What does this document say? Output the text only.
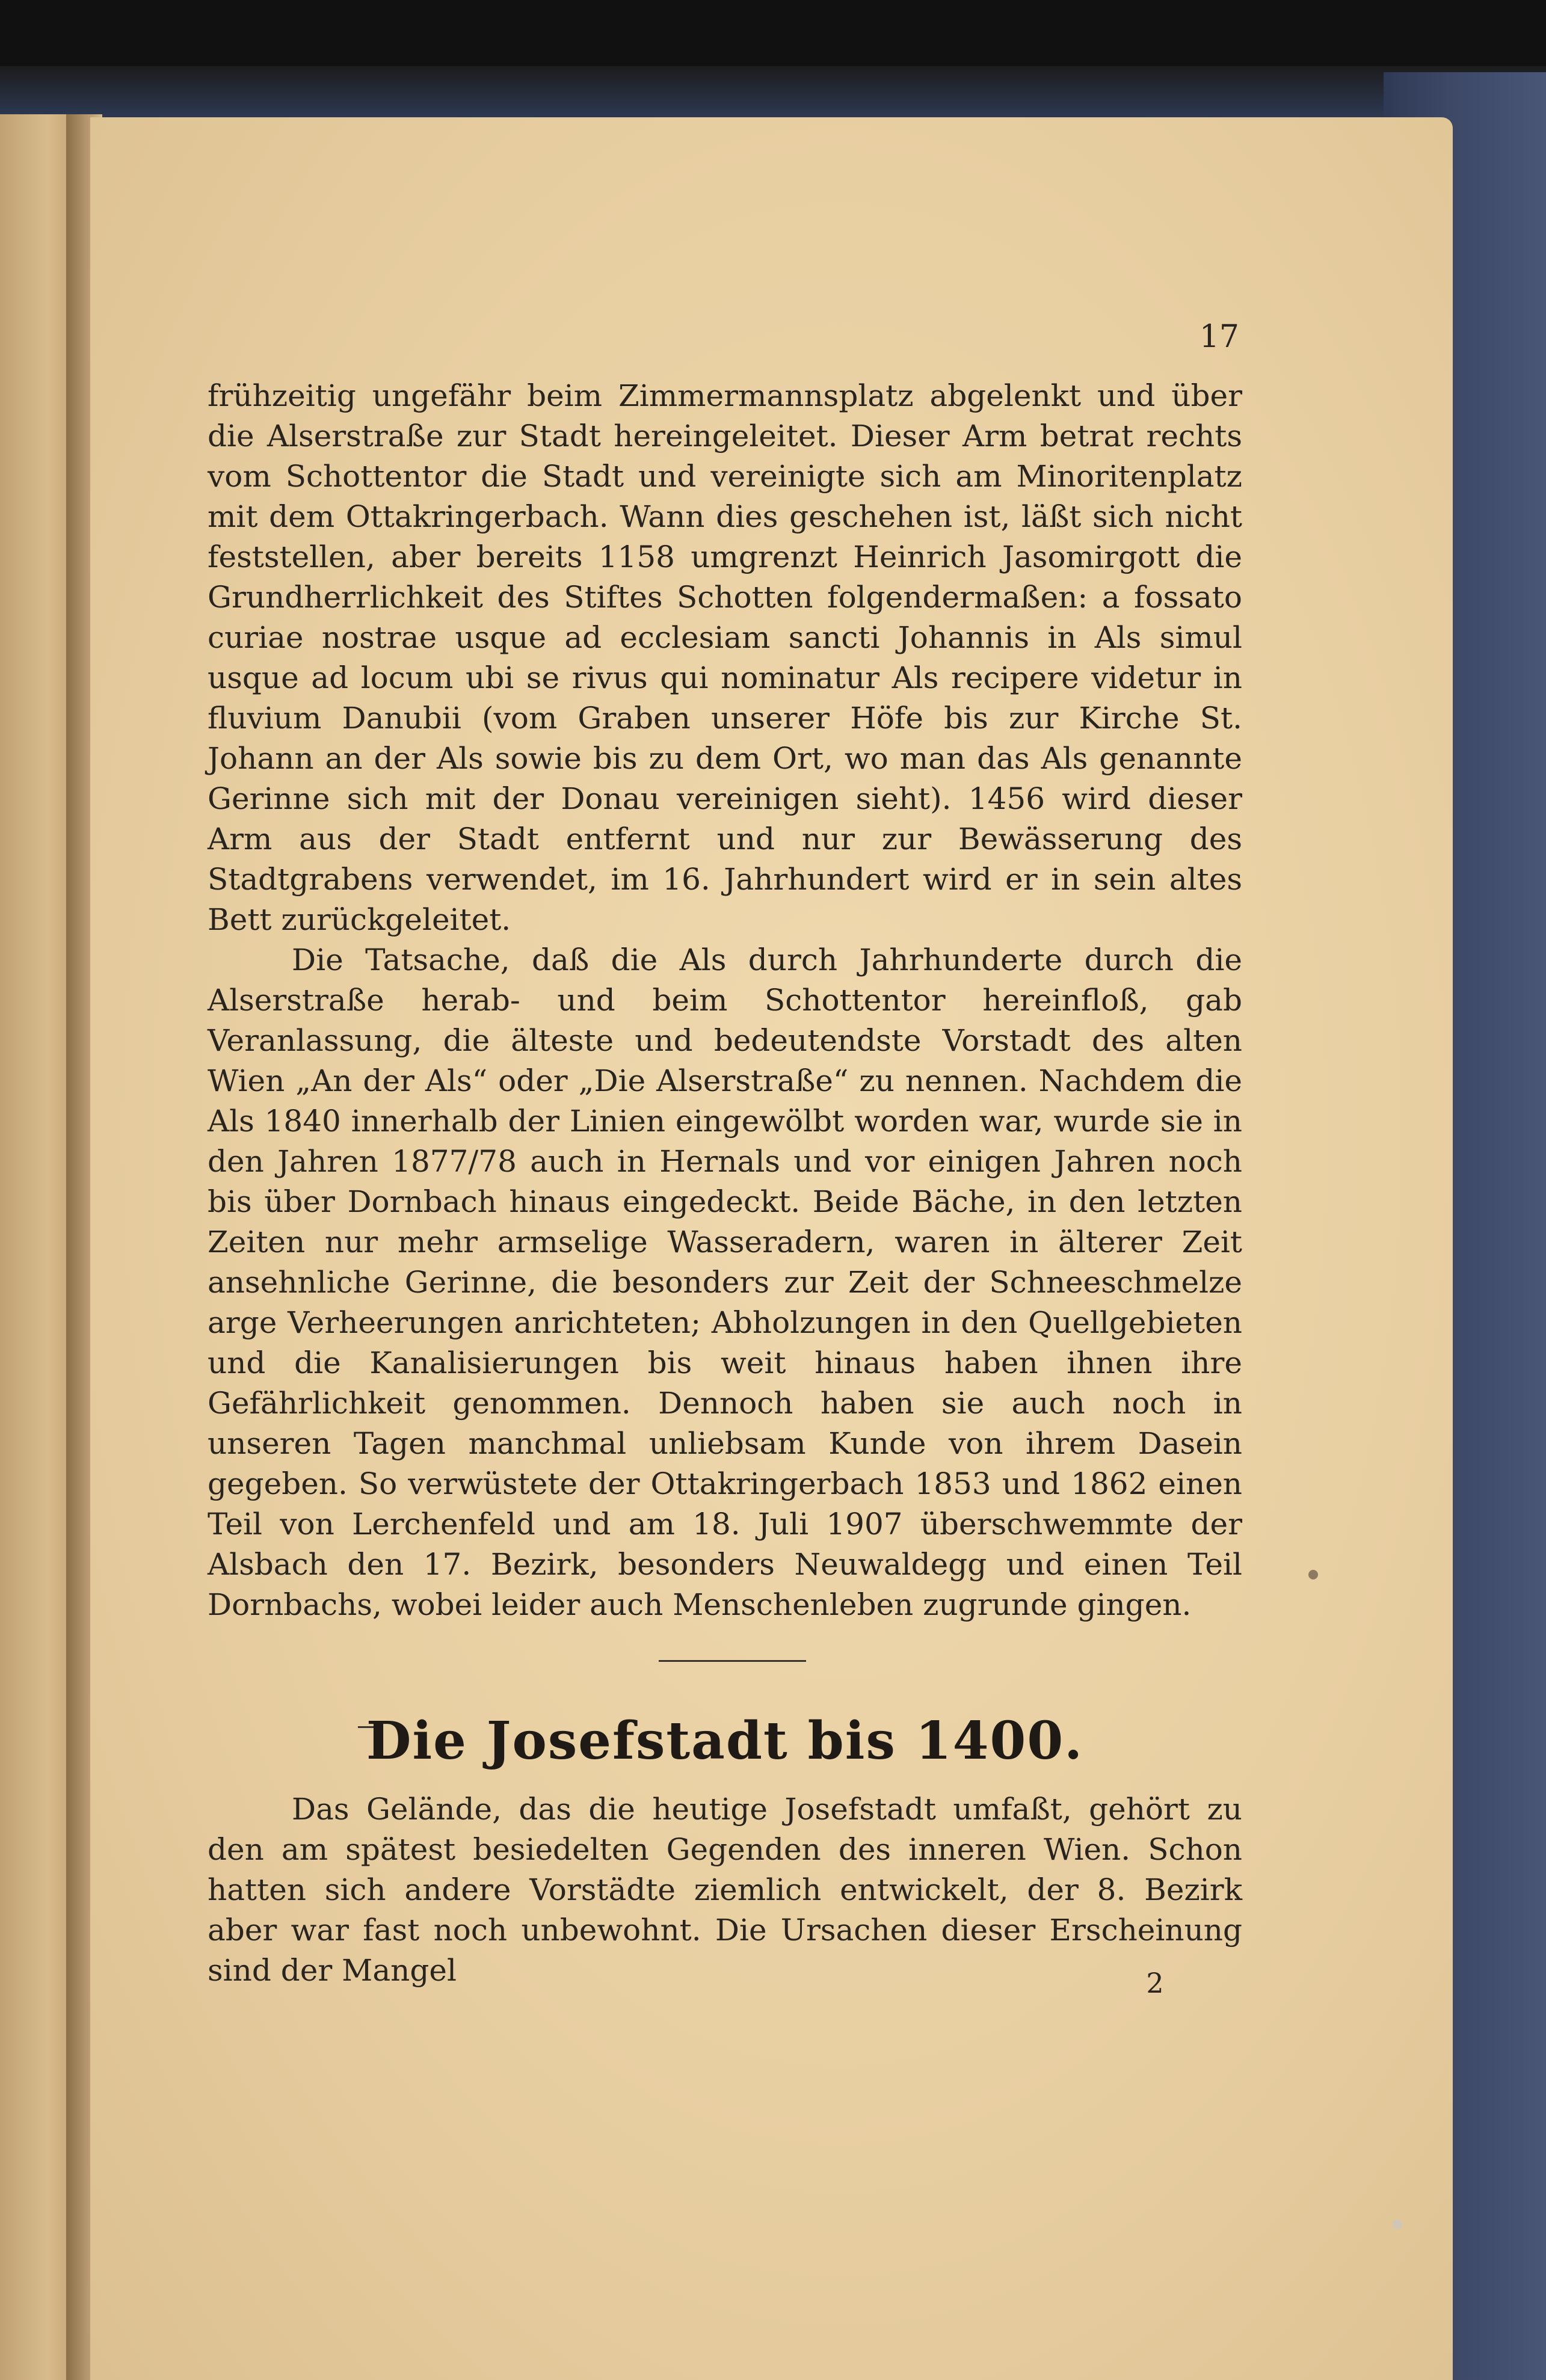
17

frühzeitig ungefähr beim Zimmermannsplatz abgelenkt und über die Alserstraße zur Stadt hereingeleitet. Dieser Arm betrat rechts vom Schottentor die Stadt und vereinigte sich am Minoritenplatz mit dem Ottakringerbach. Wann dies geschehen ist, läßt sich nicht feststellen, aber bereits 1158 umgrenzt Heinrich Jasomirgott die Grundherrlichkeit des Stiftes Schotten folgendermaßen: a fossato curiae nostrae usque ad ecclesiam sancti Johannis in Als simul usque ad locum ubi se rivus qui nominatur Als recipere videtur in fluvium Danubii (vom Graben unserer Höfe bis zur Kirche St. Johann an der Als sowie bis zu dem Ort, wo man das Als genannte Gerinne sich mit der Donau vereinigen sieht). 1456 wird dieser Arm aus der Stadt entfernt und nur zur Bewässerung des Stadtgrabens verwendet, im 16. Jahrhundert wird er in sein altes Bett zurückgeleitet.

Die Tatsache, daß die Als durch Jahrhunderte durch die Alserstraße herab- und beim Schottentor hereinfloß, gab Veranlassung, die älteste und bedeutendste Vorstadt des alten Wien „An der Als“ oder „Die Alserstraße“ zu nennen. Nachdem die Als 1840 innerhalb der Linien eingewölbt worden war, wurde sie in den Jahren 1877/78 auch in Hernals und vor einigen Jahren noch bis über Dornbach hinaus eingedeckt. Beide Bäche, in den letzten Zeiten nur mehr armselige Wasseradern, waren in älterer Zeit ansehnliche Gerinne, die besonders zur Zeit der Schneeschmelze arge Verheerungen anrichteten; Abholzungen in den Quellgebieten und die Kanalisierungen bis weit hinaus haben ihnen ihre Gefährlichkeit genommen. Dennoch haben sie auch noch in unseren Tagen manchmal unliebsam Kunde von ihrem Dasein gegeben. So verwüstete der Ottakringerbach 1853 und 1862 einen Teil von Lerchenfeld und am 18. Juli 1907 überschwemmte der Alsbach den 17. Bezirk, besonders Neuwaldegg und einen Teil Dornbachs, wobei leider auch Menschenleben zugrunde gingen.

Die Josefstadt bis 1400.

Das Gelände, das die heutige Josefstadt umfaßt, gehört zu den am spätest besiedelten Gegenden des inneren Wien. Schon hatten sich andere Vorstädte ziemlich entwickelt, der 8. Bezirk aber war fast noch unbewohnt. Die Ursachen dieser Erscheinung sind der Mangel	2
